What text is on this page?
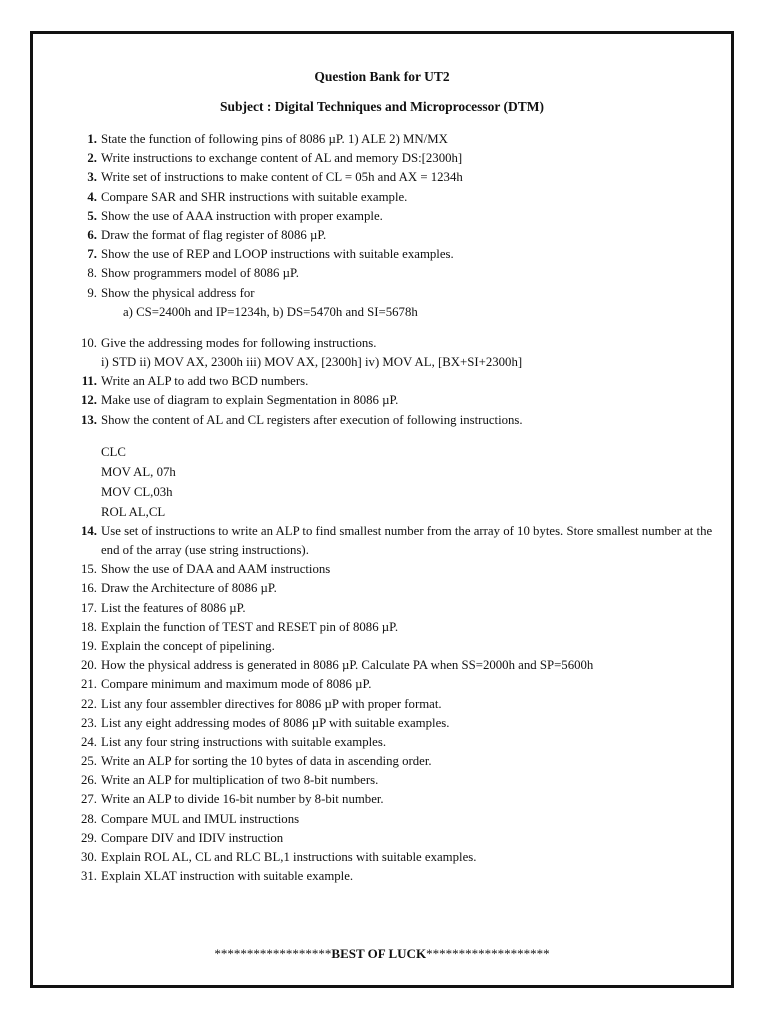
Question Bank for UT2
Subject : Digital Techniques and Microprocessor (DTM)
1. State the function of following pins of 8086 µP. 1) ALE 2) MN/MX
2. Write instructions to exchange content of AL and memory DS:[2300h]
3. Write set of instructions to make content of CL = 05h and AX = 1234h
4. Compare SAR and SHR instructions with suitable example.
5. Show the use of AAA instruction with proper example.
6. Draw the format of flag register of 8086 µP.
7. Show the use of REP and LOOP instructions with suitable examples.
8. Show programmers model of 8086 µP.
9. Show the physical address for
a) CS=2400h and IP=1234h, b) DS=5470h and SI=5678h
10. Give the addressing modes for following instructions.
i) STD ii) MOV AX, 2300h iii) MOV AX, [2300h] iv) MOV AL, [BX+SI+2300h]
11. Write an ALP to add two BCD numbers.
12. Make use of diagram to explain Segmentation in 8086 µP.
13. Show the content of AL and CL registers after execution of following instructions.
CLC
MOV AL, 07h
MOV CL,03h
ROL AL,CL
14. Use set of instructions to write an ALP to find smallest number from the array of 10 bytes. Store smallest number at the end of the array (use string instructions).
15. Show the use of DAA and AAM instructions
16. Draw the Architecture of 8086 µP.
17. List the features of 8086 µP.
18. Explain the function of TEST and RESET pin of 8086 µP.
19. Explain the concept of pipelining.
20. How the physical address is generated in 8086 µP. Calculate PA when SS=2000h and SP=5600h
21. Compare minimum and maximum mode of 8086 µP.
22. List any four assembler directives for 8086 µP with proper format.
23. List any eight addressing modes of 8086 µP with suitable examples.
24. List any four string instructions with suitable examples.
25. Write an ALP for sorting the 10 bytes of data in ascending order.
26. Write an ALP for multiplication of two 8-bit numbers.
27. Write an ALP to divide 16-bit number by 8-bit number.
28. Compare MUL and IMUL instructions
29. Compare DIV and IDIV instruction
30. Explain ROL AL, CL and RLC BL,1 instructions with suitable examples.
31. Explain XLAT instruction with suitable example.
******************BEST OF LUCK*******************
